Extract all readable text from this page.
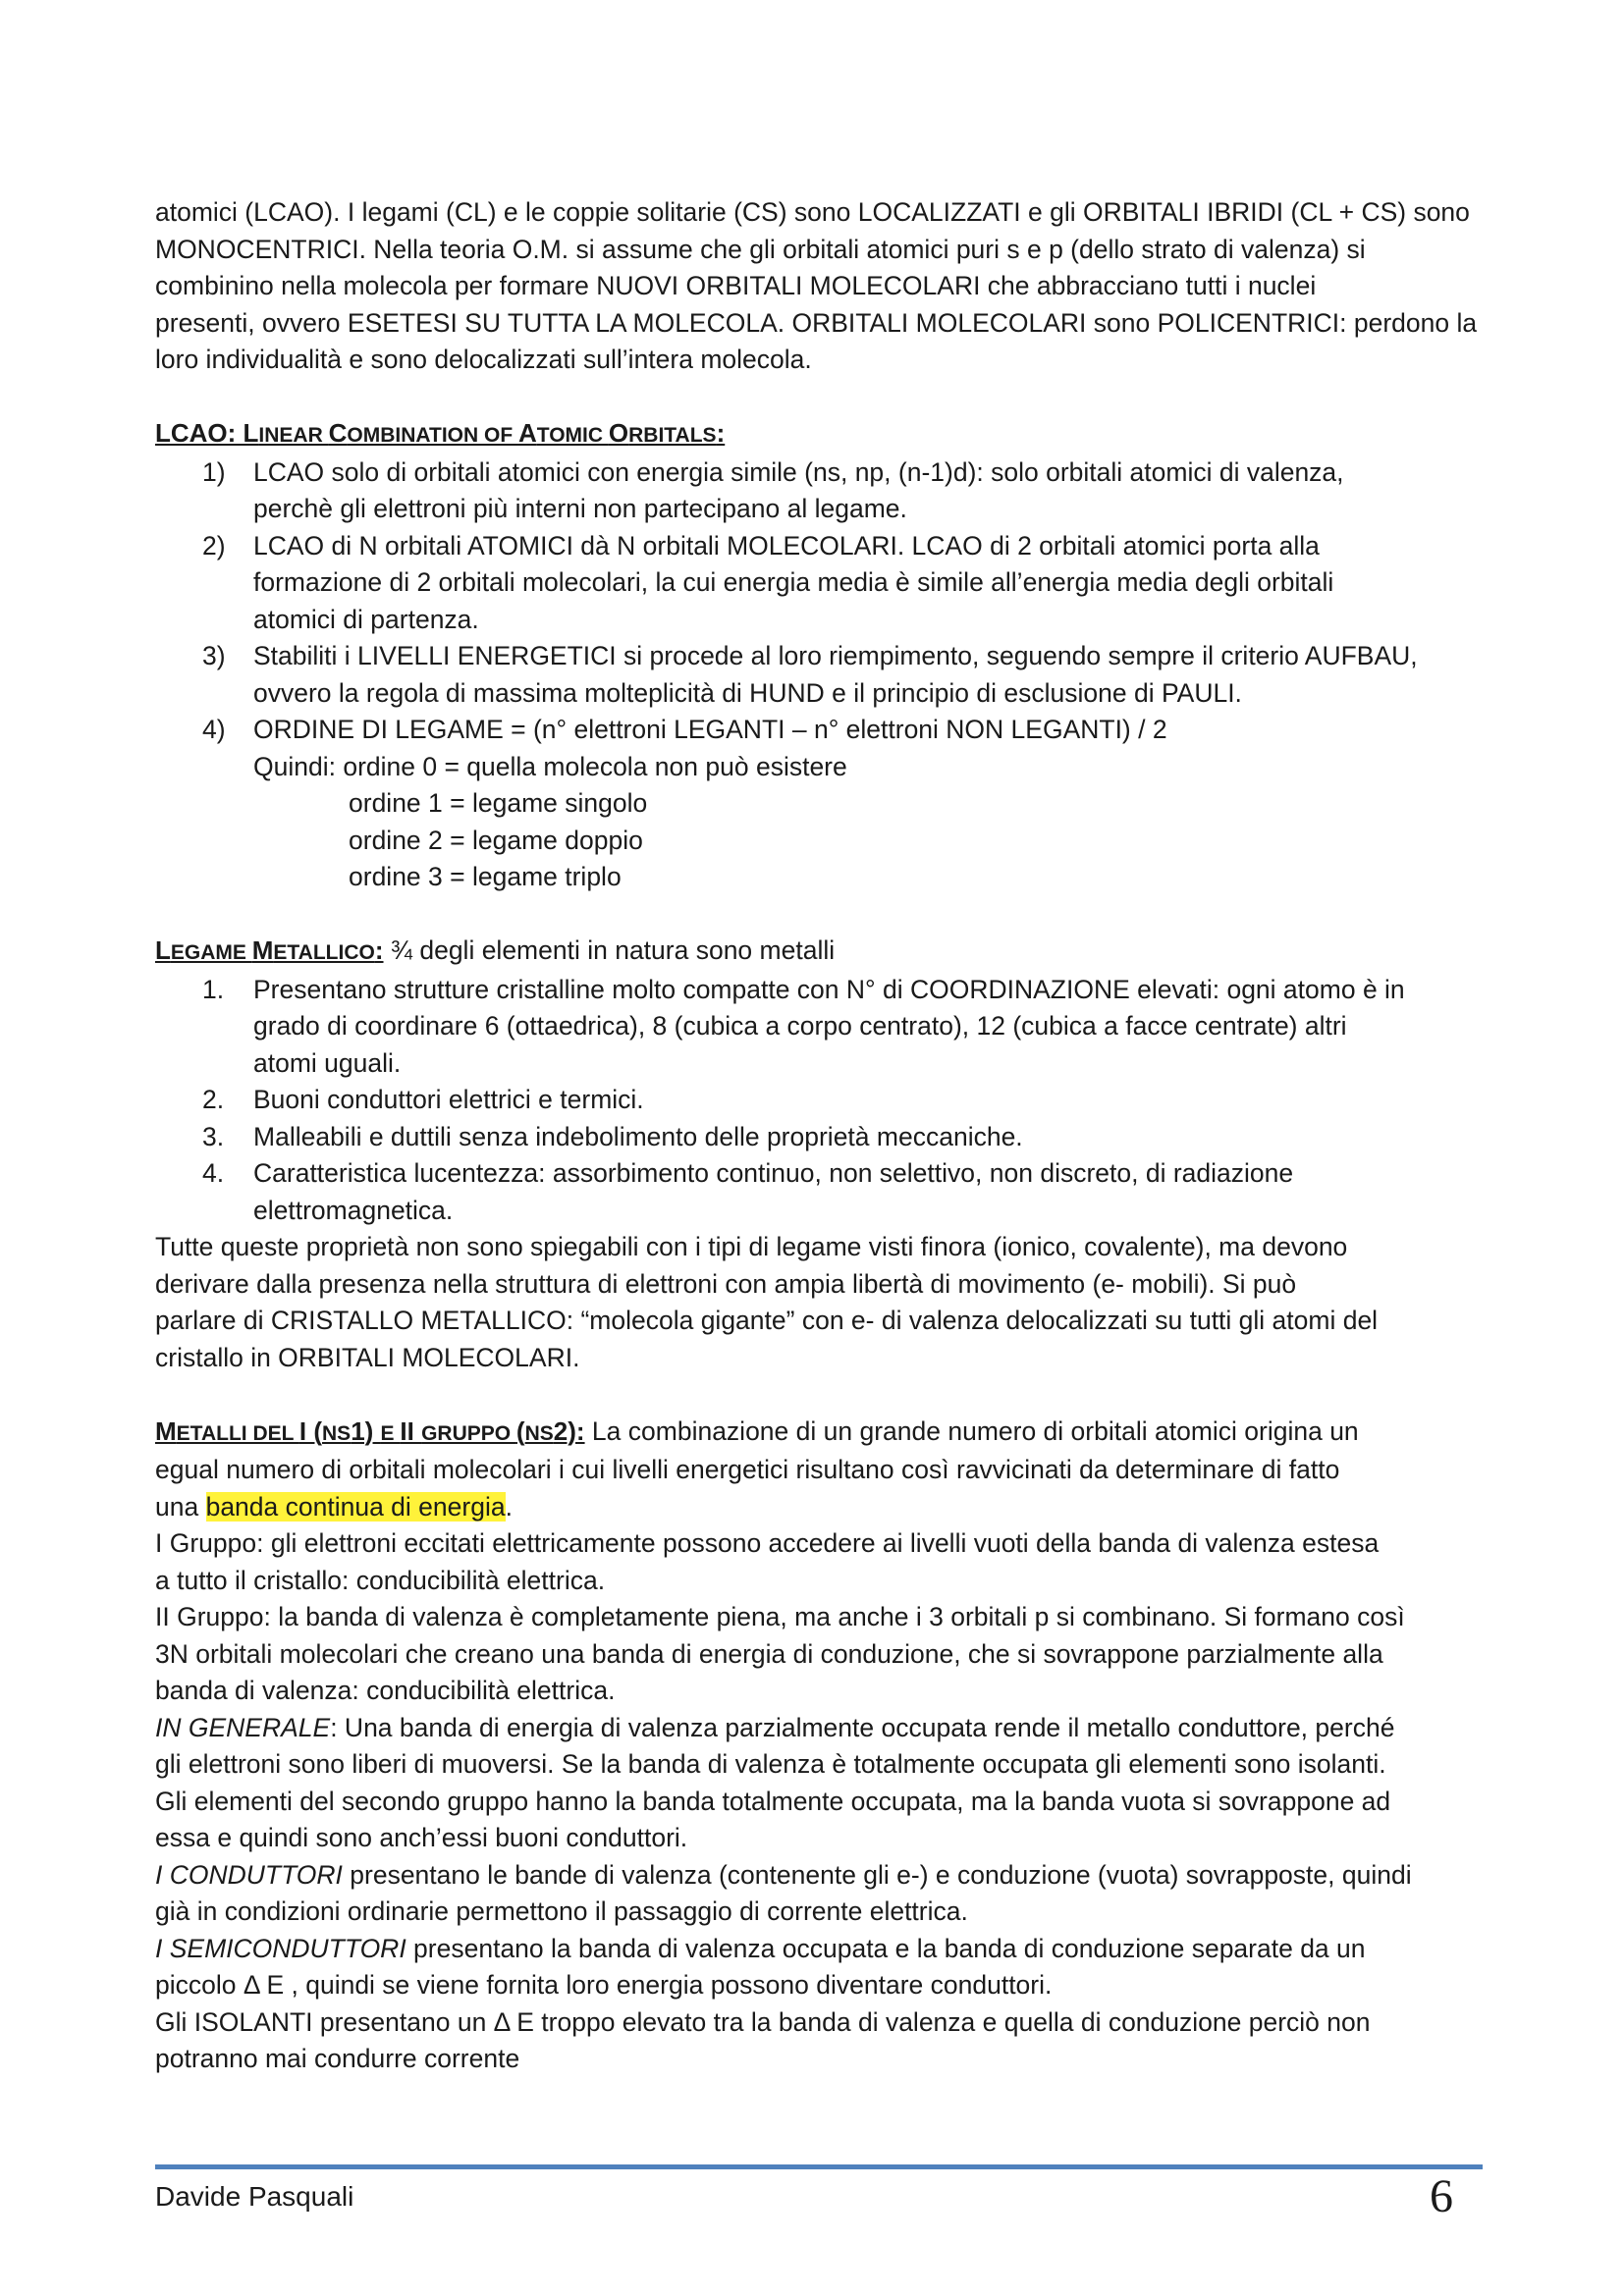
atomici (LCAO). I legami (CL) e le coppie solitarie (CS) sono LOCALIZZATI e gli ORBITALI IBRIDI (CL + CS) sono

MONOCENTRICI. Nella teoria O.M. si assume che gli orbitali atomici puri s e p (dello strato di valenza) si

combinino nella molecola per formare NUOVI ORBITALI MOLECOLARI che abbracciano tutti i nuclei

presenti, ovvero ESETESI SU TUTTA LA MOLECOLA. ORBITALI MOLECOLARI sono POLICENTRICI: perdono la

loro individualità e sono delocalizzati sull’intera molecola.

LCAO: LINEAR COMBINATION OF ATOMIC ORBITALS:

1) LCAO solo di orbitali atomici con energia simile (ns, np, (n-1)d): solo orbitali atomici di valenza,

perchè gli elettroni più interni non partecipano al legame.

2) LCAO di N orbitali ATOMICI dà N orbitali MOLECOLARI. LCAO di 2 orbitali atomici porta alla

formazione di 2 orbitali molecolari, la cui energia media è simile all’energia media degli orbitali

atomici di partenza.

3) Stabiliti i LIVELLI ENERGETICI si procede al loro riempimento, seguendo sempre il criterio AUFBAU,

ovvero la regola di massima molteplicità di HUND e il principio di esclusione di PAULI.

4) ORDINE DI LEGAME = (n° elettroni LEGANTI – n° elettroni NON LEGANTI) / 2

Quindi: ordine 0 = quella molecola non può esistere

ordine 1 = legame singolo

ordine 2 = legame doppio

ordine 3 = legame triplo

LEGAME METALLICO: ¾ degli elementi in natura sono metalli

1. Presentano strutture cristalline molto compatte con N° di COORDINAZIONE elevati: ogni atomo è in

grado di coordinare 6 (ottaedrica), 8 (cubica a corpo centrato), 12 (cubica a facce centrate) altri

atomi uguali.

2. Buoni conduttori elettrici e termici.

3. Malleabili e duttili senza indebolimento delle proprietà meccaniche.

4. Caratteristica lucentezza: assorbimento continuo, non selettivo, non discreto, di radiazione

elettromagnetica.

Tutte queste proprietà non sono spiegabili con i tipi di legame visti finora (ionico, covalente), ma devono

derivare dalla presenza nella struttura di elettroni con ampia libertà di movimento (e- mobili). Si può

parlare di CRISTALLO METALLICO: “molecola gigante” con e- di valenza delocalizzati su tutti gli atomi del

cristallo in ORBITALI MOLECOLARI.

METALLI DEL I (NS1) E II GRUPPO (NS2): La combinazione di un grande numero di orbitali atomici origina un

egual numero di orbitali molecolari i cui livelli energetici risultano così ravvicinati da determinare di fatto

una banda continua di energia.

I Gruppo: gli elettroni eccitati elettricamente possono accedere ai livelli vuoti della banda di valenza estesa

a tutto il cristallo: conducibilità elettrica.

II Gruppo: la banda di valenza è completamente piena, ma anche i 3 orbitali p si combinano. Si formano così

3N orbitali molecolari che creano una banda di energia di conduzione, che si sovrappone parzialmente alla

banda di valenza: conducibilità elettrica.

IN GENERALE: Una banda di energia di valenza parzialmente occupata rende il metallo conduttore, perché

gli elettroni sono liberi di muoversi. Se la banda di valenza è totalmente occupata gli elementi sono isolanti.

Gli elementi del secondo gruppo hanno la banda totalmente occupata, ma la banda vuota si sovrappone ad

essa e quindi sono anch’essi buoni conduttori.

I CONDUTTORI presentano le bande di valenza (contenente gli e-) e conduzione (vuota) sovrapposte, quindi

già in condizioni ordinarie permettono il passaggio di corrente elettrica.

I SEMICONDUTTORI presentano la banda di valenza occupata e la banda di conduzione separate da un

piccolo Δ E , quindi se viene fornita loro energia possono diventare conduttori.

Gli ISOLANTI presentano un Δ E troppo elevato tra la banda di valenza e quella di conduzione perciò non

potranno mai condurre corrente

Davide Pasquali	6
